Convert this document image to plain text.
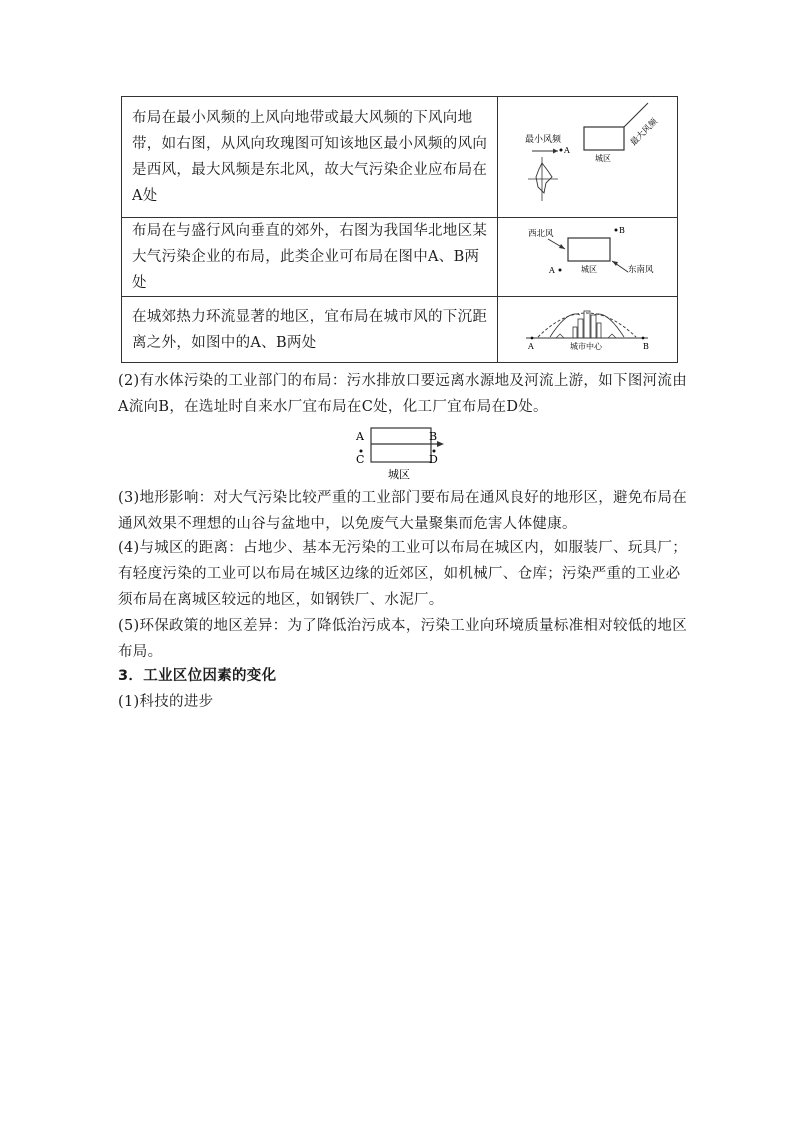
布局在最小风频的上风向地带或最大风频的下风向地带，如右图，从风向玫瑰图可知该地区最小风频的风向是西风，最大风频是东北风，故大气污染企业应布局在A处	最大风频
最小风频
A
城区

布局在与盛行风向垂直的郊外，右图为我国华北地区某大气污染企业的布局，此类企业可布局在图中A、B两处	西北风 B
A 城区 东南风

在城郊热力环流显著的地区，宜布局在城市风的下沉距离之外，如图中的A、B两处	A B
城市中心

(2)有水体污染的工业部门的布局：污水排放口要远离水源地及河流上游，如下图河流由A流向B，在选址时自来水厂宜布局在C处，化工厂宜布局在D处。

A	B
C	D
城区

(3)地形影响：对大气污染比较严重的工业部门要布局在通风良好的地形区，避免布局在通风效果不理想的山谷与盆地中，以免废气大量聚集而危害人体健康。

(4)与城区的距离：占地少、基本无污染的工业可以布局在城区内，如服装厂、玩具厂；有轻度污染的工业可以布局在城区边缘的近郊区，如机械厂、仓库；污染严重的工业必须布局在离城区较远的地区，如钢铁厂、水泥厂。

(5)环保政策的地区差异：为了降低治污成本，污染工业向环境质量标准相对较低的地区布局。

3．工业区位因素的变化

(1)科技的进步
